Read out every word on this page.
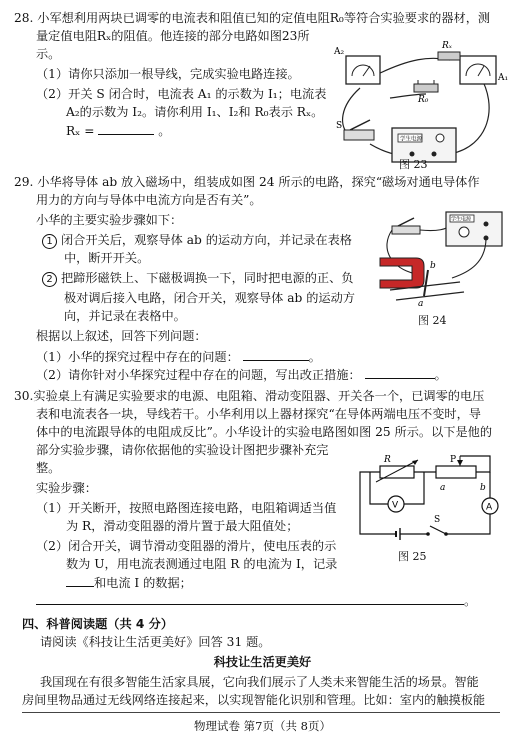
28. 小军想利用两块已调零的电流表和阻值已知的定值电阻R₀等符合实验要求的器材，测
量定值电阻Rₓ的阻值。他连接的部分电路如图23所
示。
（1）请你只添加一根导线，完成实验电路连接。
（2）开关 S 闭合时，电流表 A₁ 的示数为 I₁；电流表
A₂的示数为 I₂。请你利用 I₁、I₂和 R₀表示 Rₓ。
Rₓ =	。
学生电源
A₂
A₁
Rₓ
R₀
S
图 23
29. 小华将导体 ab 放入磁场中，组装成如图 24 所示的电路，探究“磁场对通电导体作
用力的方向与导体中电流方向是否有关”。
小华的主要实验步骤如下：
1 闭合开关后，观察导体 ab 的运动方向，并记录在表格
中，断开开关。
2 把蹄形磁铁上、下磁极调换一下，同时把电源的正、负
极对调后接入电路，闭合开关，观察导体 ab 的运动方
向，并记录在表格中。
根据以上叙述，回答下列问题：
（1）小华的探究过程中存在的问题：	。
（2）请你针对小华探究过程中存在的问题，写出改正措施：	。
学生电源
a
b
图 24
30.实验桌上有满足实验要求的电源、电阻箱、滑动变阻器、开关各一个，已调零的电压
表和电流表各一块，导线若干。小华利用以上器材探究“在导体两端电压不变时，导
体中的电流跟导体的电阻成反比”。小华设计的实验电路图如图 25 所示。以下是他的
部分实验步骤，请你依据他的实验设计图把步骤补充完
整。
实验步骤：
（1）开关断开，按照电路图连接电路，电阻箱调适当值
为 R，滑动变阻器的滑片置于最大阻值处；
（2）闭合开关，调节滑动变阻器的滑片，使电压表的示
数为 U，用电流表测通过电阻 R 的电流为 I，记录
和电流 I 的数据；
。
R	P
a	b
V	A
S
图 25
四、科普阅读题（共 4 分）
请阅读《科技让生活更美好》回答 31 题。
科技让生活更美好
我国现在有很多智能生活家具展，它向我们展示了人类未来智能生活的场景。智能
房间里物品通过无线网络连接起来，以实现智能化识别和管理。比如：室内的触摸板能
物理试卷 第7页（共 8页）
